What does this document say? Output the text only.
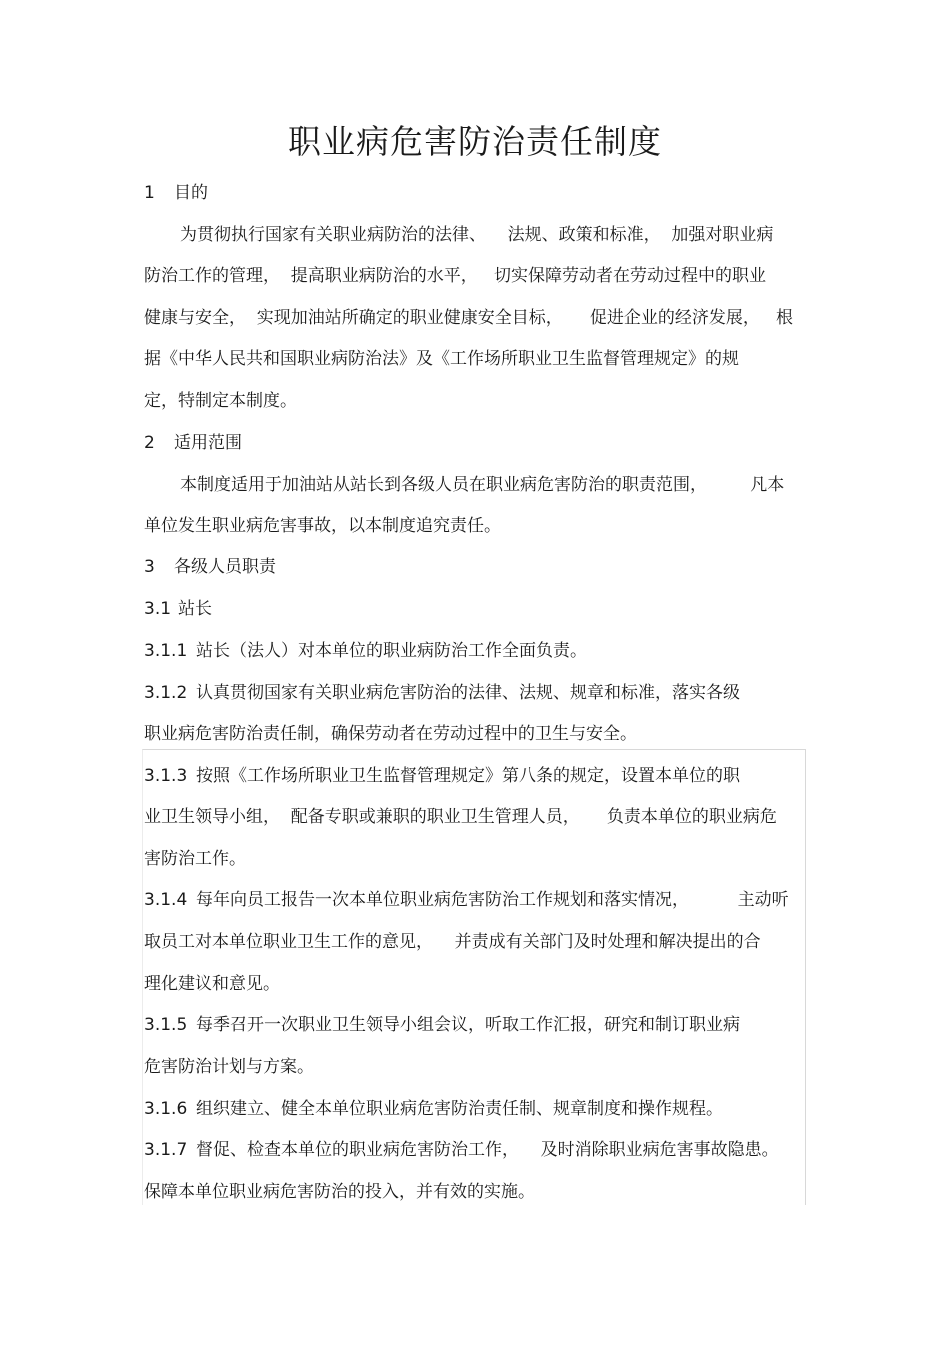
职业病危害防治责任制度
1 目的
为贯彻执行国家有关职业病防治的法律、    法规、政策和标准，  加强对职业病
防治工作的管理，  提高职业病防治的水平，   切实保障劳动者在劳动过程中的职业
健康与安全，  实现加油站所确定的职业健康安全目标，     促进企业的经济发展，   根
据《中华人民共和国职业病防治法》及《工作场所职业卫生监督管理规定》的规
定，特制定本制度。
2 适用范围
本制度适用于加油站从站长到各级人员在职业病危害防治的职责范围，        凡本
单位发生职业病危害事故，以本制度追究责任。
3 各级人员职责
3.1 站长
3.1.1 站长（法人）对本单位的职业病防治工作全面负责。
3.1.2 认真贯彻国家有关职业病危害防治的法律、法规、规章和标准，落实各级
职业病危害防治责任制，确保劳动者在劳动过程中的卫生与安全。
3.1.3 按照《工作场所职业卫生监督管理规定》第八条的规定，设置本单位的职
业卫生领导小组，  配备专职或兼职的职业卫生管理人员，     负责本单位的职业病危
害防治工作。
3.1.4 每年向员工报告一次本单位职业病危害防治工作规划和落实情况，         主动听
取员工对本单位职业卫生工作的意见，    并责成有关部门及时处理和解决提出的合
理化建议和意见。
3.1.5 每季召开一次职业卫生领导小组会议，听取工作汇报，研究和制订职业病
危害防治计划与方案。
3.1.6 组织建立、健全本单位职业病危害防治责任制、规章制度和操作规程。
3.1.7 督促、检查本单位的职业病危害防治工作，    及时消除职业病危害事故隐患。
保障本单位职业病危害防治的投入，并有效的实施。
